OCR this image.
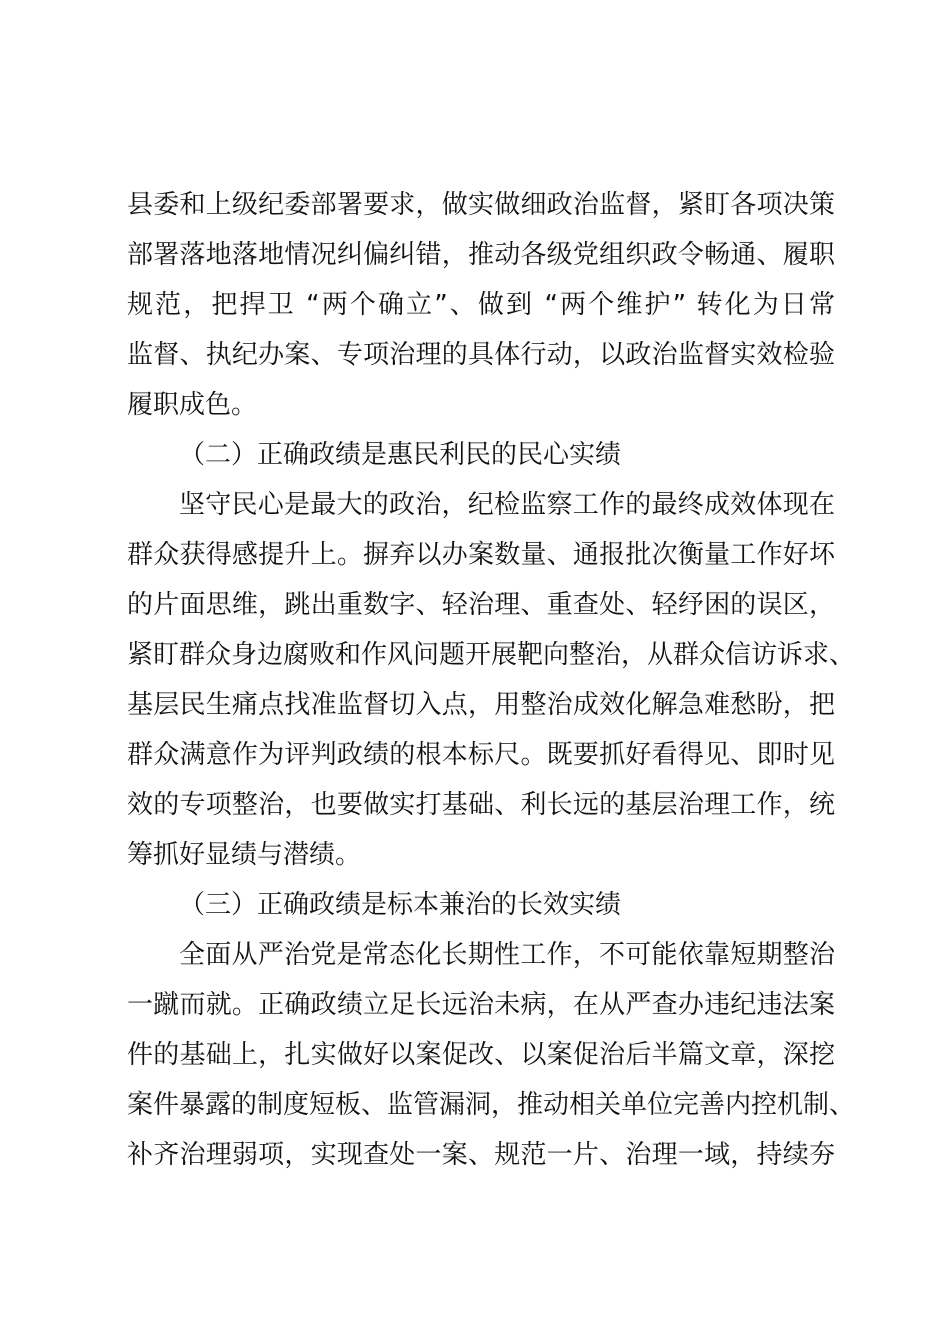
县委和上级纪委部署要求，做实做细政治监督，紧盯各项决策
部署落地落地情况纠偏纠错，推动各级党组织政令畅通、履职
规范，把捍卫 “两个确立”、做到 “两个维护” 转化为日常
监督、执纪办案、专项治理的具体行动，以政治监督实效检验
履职成色。
（二）正确政绩是惠民利民的民心实绩
坚守民心是最大的政治，纪检监察工作的最终成效体现在
群众获得感提升上。摒弃以办案数量、通报批次衡量工作好坏
的片面思维，跳出重数字、轻治理、重查处、轻纾困的误区，
紧盯群众身边腐败和作风问题开展靶向整治，从群众信访诉求、
基层民生痛点找准监督切入点，用整治成效化解急难愁盼，把
群众满意作为评判政绩的根本标尺。既要抓好看得见、即时见
效的专项整治，也要做实打基础、利长远的基层治理工作，统
筹抓好显绩与潜绩。
（三）正确政绩是标本兼治的长效实绩
全面从严治党是常态化长期性工作，不可能依靠短期整治
一蹴而就。正确政绩立足长远治未病，在从严查办违纪违法案
件的基础上，扎实做好以案促改、以案促治后半篇文章，深挖
案件暴露的制度短板、监管漏洞，推动相关单位完善内控机制、
补齐治理弱项，实现查处一案、规范一片、治理一域，持续夯
